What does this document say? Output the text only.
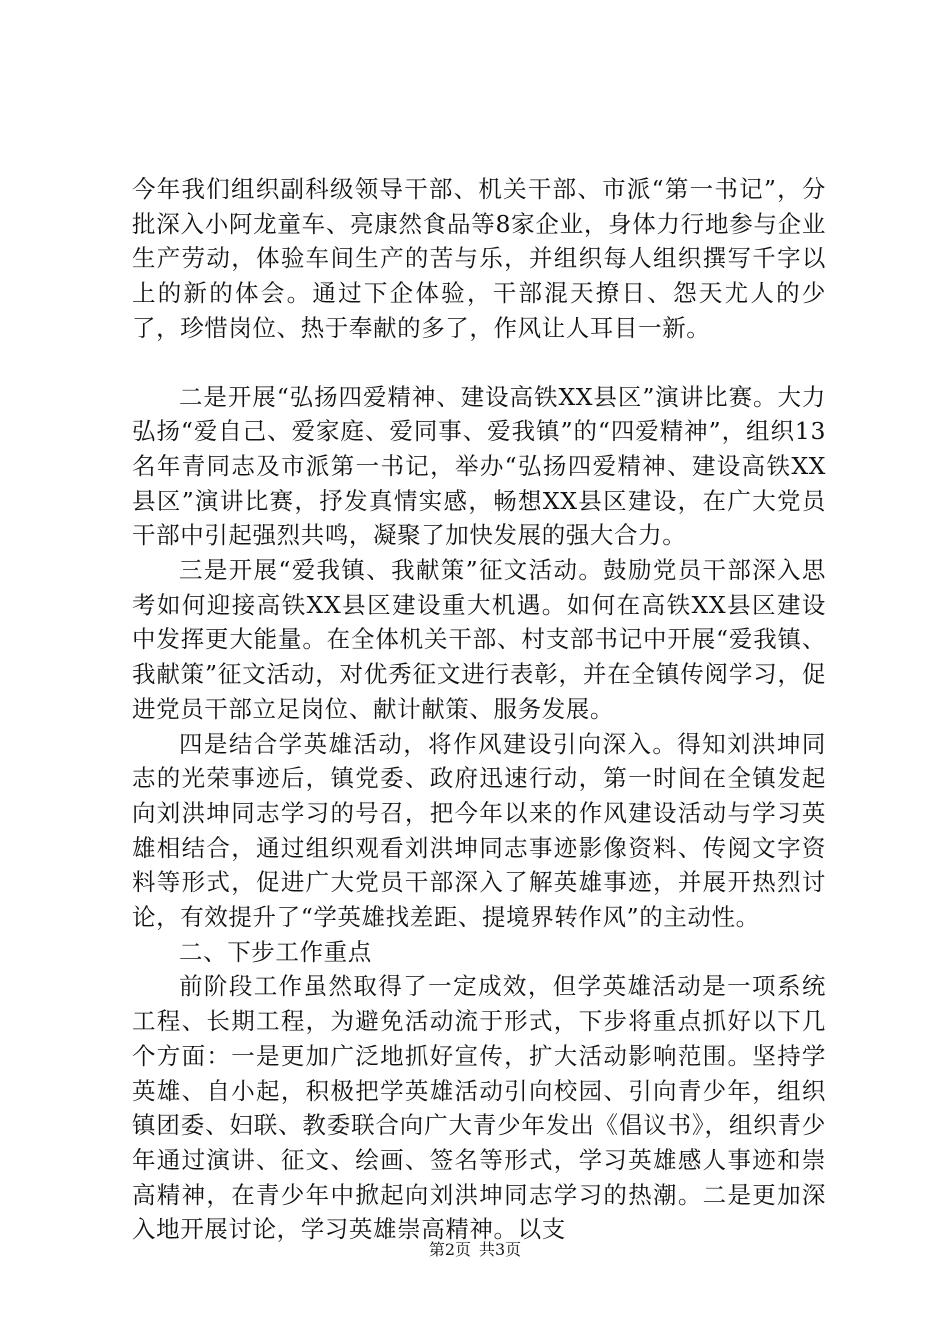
今年我们组织副科级领导干部、机关干部、市派“第一书记”，分批深入小阿龙童车、亮康然食品等8家企业，身体力行地参与企业生产劳动，体验车间生产的苦与乐，并组织每人组织撰写千字以上的新的体会。通过下企体验，干部混天撩日、怨天尤人的少了，珍惜岗位、热于奉献的多了，作风让人耳目一新。

二是开展“弘扬四爱精神、建设高铁XX县区”演讲比赛。大力弘扬“爱自己、爱家庭、爱同事、爱我镇”的“四爱精神”，组织13名年青同志及市派第一书记，举办“弘扬四爱精神、建设高铁XX县区”演讲比赛，抒发真情实感，畅想XX县区建设，在广大党员干部中引起强烈共鸣，凝聚了加快发展的强大合力。

三是开展“爱我镇、我献策”征文活动。鼓励党员干部深入思考如何迎接高铁XX县区建设重大机遇。如何在高铁XX县区建设中发挥更大能量。在全体机关干部、村支部书记中开展“爱我镇、我献策”征文活动，对优秀征文进行表彰，并在全镇传阅学习，促进党员干部立足岗位、献计献策、服务发展。

四是结合学英雄活动，将作风建设引向深入。得知刘洪坤同志的光荣事迹后，镇党委、政府迅速行动，第一时间在全镇发起向刘洪坤同志学习的号召，把今年以来的作风建设活动与学习英雄相结合，通过组织观看刘洪坤同志事迹影像资料、传阅文字资料等形式，促进广大党员干部深入了解英雄事迹，并展开热烈讨论，有效提升了“学英雄找差距、提境界转作风”的主动性。

二、下步工作重点

前阶段工作虽然取得了一定成效，但学英雄活动是一项系统工程、长期工程，为避免活动流于形式，下步将重点抓好以下几个方面：一是更加广泛地抓好宣传，扩大活动影响范围。坚持学英雄、自小起，积极把学英雄活动引向校园、引向青少年，组织镇团委、妇联、教委联合向广大青少年发出《倡议书》，组织青少年通过演讲、征文、绘画、签名等形式，学习英雄感人事迹和崇高精神，在青少年中掀起向刘洪坤同志学习的热潮。二是更加深入地开展讨论，学习英雄崇高精神。以支

第2页 共3页
